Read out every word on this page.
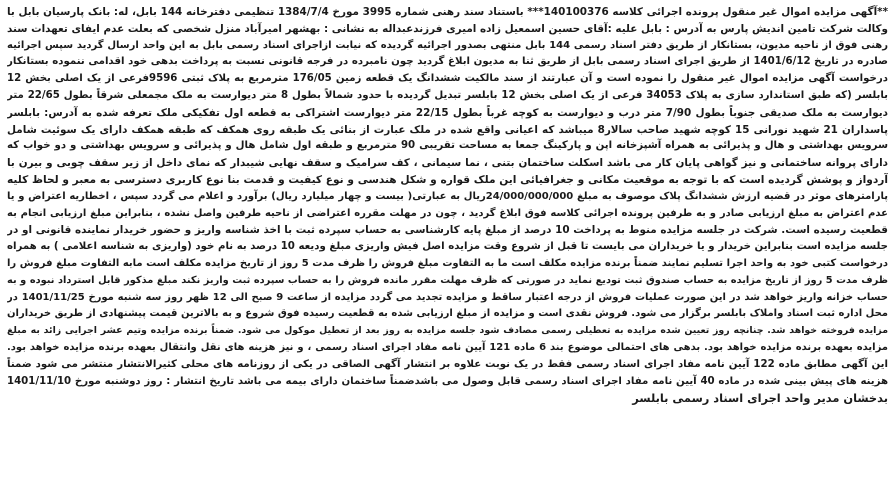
**آگهی مزایده اموال غیر منقول پرونده اجرائی کلاسه 140100376*** باستناد سند رهنی شماره 3995 مورخ 1384/7/4 تنظیمی دفترخانه 144 بابل، له: بانک پارسیان بابل با
وکالت شرکت تامین اندیش پارس به آدرس : بابل علیه :آقای حسین اسمعیل زاده امیری فرزندعبداله به نشانی : بهشهر امیرآباد منزل شخصی که بعلت عدم ایفای تعهدات سند
رهنی فوق از ناحیه مدیون، بستانکار از طریق دفتر اسناد رسمی 144 بابل منتهی بصدور اجرائیه گردیده که نیابت ازاجرای اسناد رسمی بابل به این واحد ارسال گردید سپس اجرائیه
صادره در تاریخ 1401/6/12 از طریق اجرای اسناد رسمی بابل از طریق ثنا به مدیون ابلاغ گردید چون نامبرده در فرجه قانونی نسبت به پرداخت بدهی خود اقدامی ننموده بستانکار
درخواست آگهی مزایده اموال غیر منقول را نموده است و آن عبارتند از سند مالکیت ششدانگ یک قطعه زمین 176/05 مترمربع به پلاک ثبتی 9596فرعی از یک اصلی بخش 12
بابلسر (که طبق استاندارد سازی به پلاک 34053 فرعی از یک اصلی بخش 12 بابلسر تبدیل گردیده با حدود شمالاً بطول 8 متر دیوارست به ملک مجمعلی شرقاً بطول 22/65 متر
دیوارست به ملک صدیقی جنوباً بطول 7/90 متر درب و دیوارست به کوچه غرباً بطول 22/15 متر دیوارست اشتراکی به قطعه اول تفکیکی ملک تعرفه شده به آدرس: بابلسر
پاسداران 21 شهید نورانی 15 کوچه شهید صاحب سالار8 میباشد که اعیانی واقع شده در ملک عبارت از بنائی یک طبقه روی همکف که طبقه همکف دارای یک سوئیت شامل
سرویس بهداشتی و هال و پذیرائی به همراه آشپزخانه اپن و پارکینگ جمعا به مساحت تقریبی 90 مترمربع و طبقه اول شامل هال و پذیرائی و سرویس بهداشتی و دو خواب که
دارای پروانه ساختمانی و نیز گواهی پایان کار می باشد اسکلت ساختمان بتنی ، نما سیمانی ، کف سرامیک و سقف نهایی شیبدار که نمای داخل از زیر سقف چوبی و بیرن با
آردواز و پوشش گردیده است که با توجه به موقعیت مکانی و جغرافیائی این ملک قواره و شکل هندسی و نوع کیفیت و قدمت بنا نوع کاربری دسترسی به معبر و لحاظ کلیه
پارامترهای موثر در قضیه ارزش ششدانگ پلاک موصوف به مبلغ 24/000/000/000ریال به عبارتی( بیست و چهار میلیارد ریال) برآورد و اعلام می گردد سپس ، اخطاریه اعتراض و یا
عدم اعتراض به مبلغ ارزیابی صادر و به طرفین پرونده اجرائی کلاسه فوق ابلاغ گردید ، چون در مهلت مقرره اعتراضی از ناحیه طرفین واصل نشده ، بنابراین مبلغ ارزیابی انجام به
قطعیت رسیده است. شرکت در جلسه مزایده منوط به پرداخت 10 درصد از مبلغ پایه کارشناسی به حساب سپرده ثبت با اخذ شناسه واریز و حضور خریدار نماینده قانونی او در
جلسه مزایده است بنابراین خریدار و یا خریداران می بایست تا قبل از شروع وقت مزایده اصل فیش واریزی مبلغ ودیعه 10 درصد به نام خود (واریزی به شناسه اعلامی ) به همراه
درخواست کتبی خود به واحد اجرا تسلیم نمایند ضمناً برنده مزایده مکلف است ما به التفاوت مبلغ فروش را ظرف مدت 5 روز از تاریخ مزایده مکلف است مابه التفاوت مبلغ فروش را
ظرف مدت 5 روز از تاریخ مزایده به حساب صندوق ثبت تودیع نماید در صورتی که ظرف مهلت مقرر مانده فروش را به حساب سپرده ثبت واریز نکند مبلغ مذکور قابل استرداد نبوده و به
حساب خزانه واریز خواهد شد در این صورت عملیات فروش از درجه اعتبار ساقط و مزایده تجدید می گردد مزایده از ساعت 9 صبح الی 12 ظهر روز سه شنبه مورخ 1401/11/25 در
محل اداره ثبت اسناد واملاک بابلسر برگزار می شود. فروش نقدی است و مزایده از مبلغ ارزیابی شده به قطعیت رسیده فوق شروع و به بالاترین قیمت پیشنهادی از طریق خریداران
مزایده فروخته خواهد شد. چنانچه روز تعیین شده مزایده به تعطیلی رسمی مصادف شود جلسه مزایده به روز بعد از تعطیل موکول می شود. ضمناً برنده مزایده وتیم عشر اجرایی زائد به مبلغ
مزایده بعهده برنده مزایده خواهد بود. بدهی های احتمالی موضوع بند 6 ماده 121 آیین نامه مفاد اجرای اسناد رسمی ، و نیز هزینه های نقل وانتقال بعهده برنده مزایده خواهد بود.
این آگهی مطابق ماده 122 آیین نامه مفاد اجرای اسناد رسمی فقط در یک نوبت علاوه بر انتشار آگهی الصاقی در یکی از روزنامه های محلی کثیرالانتشار منتشر می شود ضمناً
هزینه های پیش بینی شده در ماده 40 آیین نامه مفاد اجرای اسناد رسمی قابل وصول می باشدضمناً ساختمان دارای بیمه می باشد تاریخ انتشار : روز دوشنبه مورخ 1401/11/10
بدخشان مدیر واحد اجرای اسناد رسمی بابلسر
